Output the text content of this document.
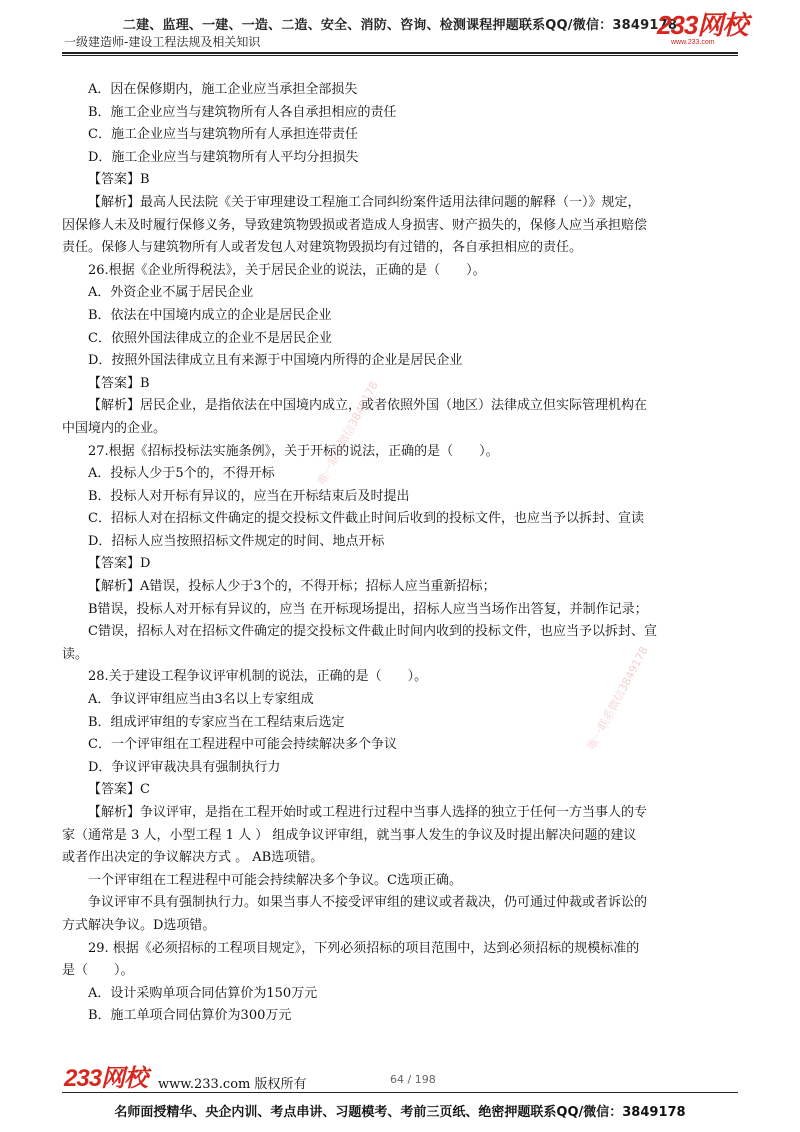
二建、监理、一建、一造、二造、安全、消防、咨询、检测课程押题联系QQ/微信：3849178
一级建造师-建设工程法规及相关知识
233网校
www.233.com
A．因在保修期内，施工企业应当承担全部损失
B．施工企业应当与建筑物所有人各自承担相应的责任
C．施工企业应当与建筑物所有人承担连带责任
D．施工企业应当与建筑物所有人平均分担损失
【答案】B
【解析】最高人民法院《关于审理建设工程施工合同纠纷案件适用法律问题的解释（一）》规定，
因保修人未及时履行保修义务，导致建筑物毁损或者造成人身损害、财产损失的，保修人应当承担赔偿
责任。保修人与建筑物所有人或者发包人对建筑物毁损均有过错的，各自承担相应的责任。
26.根据《企业所得税法》，关于居民企业的说法，正确的是（　　）。
A．外资企业不属于居民企业
B．依法在中国境内成立的企业是居民企业
C．依照外国法律成立的企业不是居民企业
D．按照外国法律成立且有来源于中国境内所得的企业是居民企业
【答案】B
【解析】居民企业，是指依法在中国境内成立，或者依照外国（地区）法律成立但实际管理机构在
中国境内的企业。
27.根据《招标投标法实施条例》，关于开标的说法，正确的是（　　）。
A．投标人少于5个的，不得开标
B．投标人对开标有异议的，应当在开标结束后及时提出
C．招标人对在招标文件确定的提交投标文件截止时间后收到的投标文件，也应当予以拆封、宣读
D．招标人应当按照招标文件规定的时间、地点开标
【答案】D
【解析】A错误，投标人少于3个的，不得开标；招标人应当重新招标；
B错误，投标人对开标有异议的，应当 在开标现场提出，招标人应当当场作出答复，并制作记录；
C错误，招标人对在招标文件确定的提交投标文件截止时间内收到的投标文件，也应当予以拆封、宣
读。
28.关于建设工程争议评审机制的说法，正确的是（　　）。
A．争议评审组应当由3名以上专家组成
B．组成评审组的专家应当在工程结束后选定
C．一个评审组在工程进程中可能会持续解决多个争议
D．争议评审裁决具有强制执行力
【答案】C
【解析】争议评审，是指在工程开始时或工程进行过程中当事人选择的独立于任何一方当事人的专
家（通常是 3 人，小型工程 1 人 ） 组成争议评审组，就当事人发生的争议及时提出解决问题的建议
或者作出决定的争议解决方式 。 AB选项错。
一个评审组在工程进程中可能会持续解决多个争议。C选项正确。
争议评审不具有强制执行力。如果当事人不接受评审组的建议或者裁决，仍可通过仲裁或者诉讼的
方式解决争议。D选项错。
29. 根据《必须招标的工程项目规定》，下列必须招标的项目范围中，达到必须招标的规模标准的
是（　　）。
A．设计采购单项合同估算价为150万元
B．施工单项合同估算价为300万元
唯一联系微信3849178
唯一联系微信3849178
233网校 www.233.com 版权所有	64 / 198
名师面授精华、央企内训、考点串讲、习题模考、考前三页纸、绝密押题联系QQ/微信：3849178
